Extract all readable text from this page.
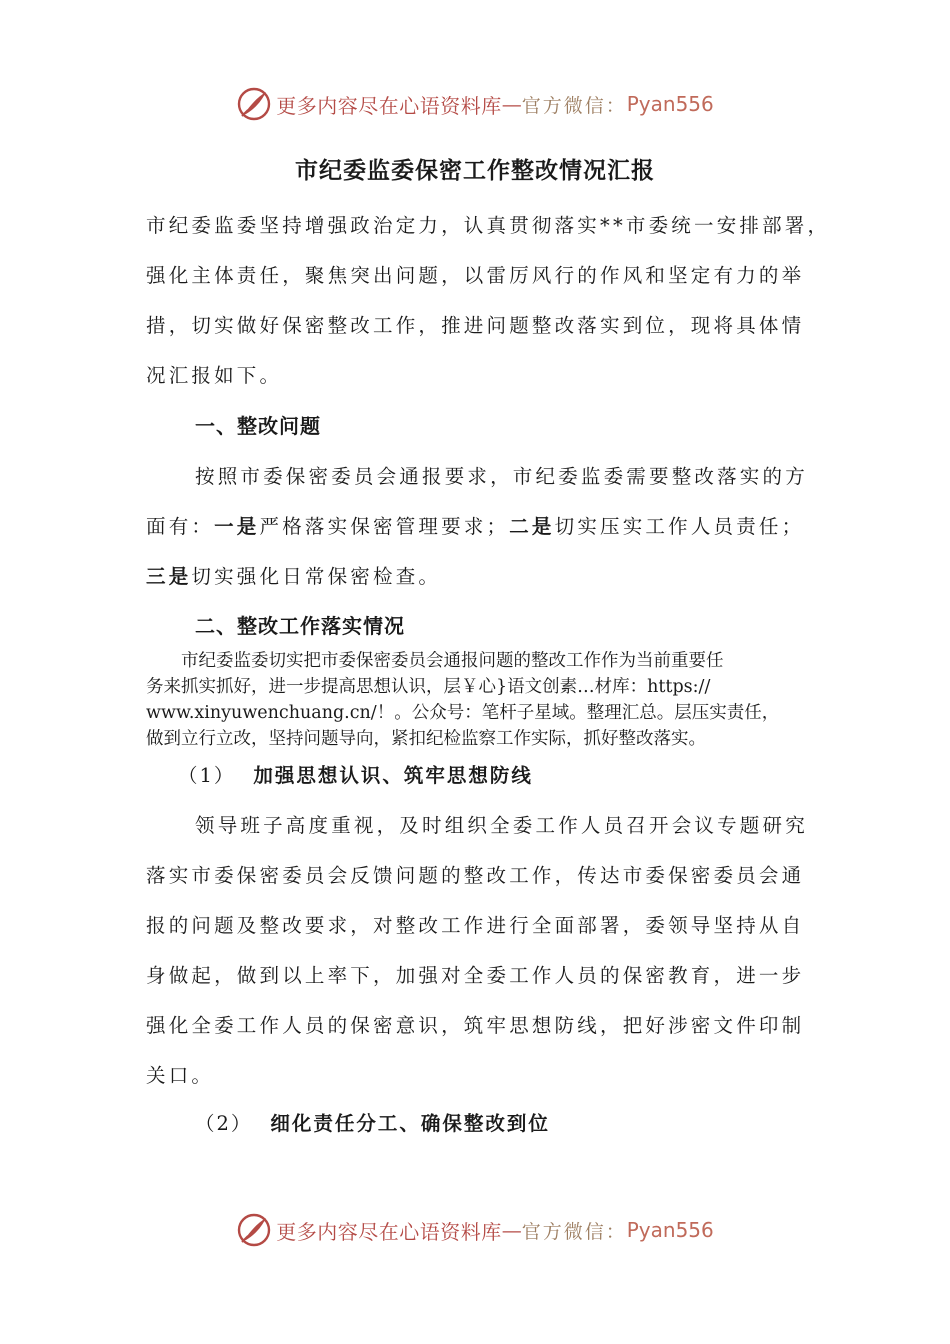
更多内容尽在心语资料库 — 官方微信： Pyan556
市纪委监委保密工作整改情况汇报
市纪委监委坚持增强政治定力，认真贯彻落实**市委统一安排部署，
强化主体责任，聚焦突出问题，以雷厉风行的作风和坚定有力的举
措，切实做好保密整改工作，推进问题整改落实到位，现将具体情
况汇报如下。
一、整改问题
按照市委保密委员会通报要求，市纪委监委需要整改落实的方
面有：一是严格落实保密管理要求；二是切实压实工作人员责任；
三是切实强化日常保密检查。
二、整改工作落实情况
　　市纪委监委切实把市委保密委员会通报问题的整改工作作为当前重要任
务来抓实抓好，进一步提高思想认识，层￥心}语文创素…材库：https://
www.xinyuwenchuang.cn/！。公众号：笔杆子星域。整理汇总。层压实责任，
做到立行立改，坚持问题导向，紧扣纪检监察工作实际，抓好整改落实。
（1） 加强思想认识、筑牢思想防线
领导班子高度重视，及时组织全委工作人员召开会议专题研究
落实市委保密委员会反馈问题的整改工作，传达市委保密委员会通
报的问题及整改要求，对整改工作进行全面部署，委领导坚持从自
身做起，做到以上率下，加强对全委工作人员的保密教育，进一步
强化全委工作人员的保密意识，筑牢思想防线，把好涉密文件印制
关口。
（2） 细化责任分工、确保整改到位
更多内容尽在心语资料库 — 官方微信： Pyan556
